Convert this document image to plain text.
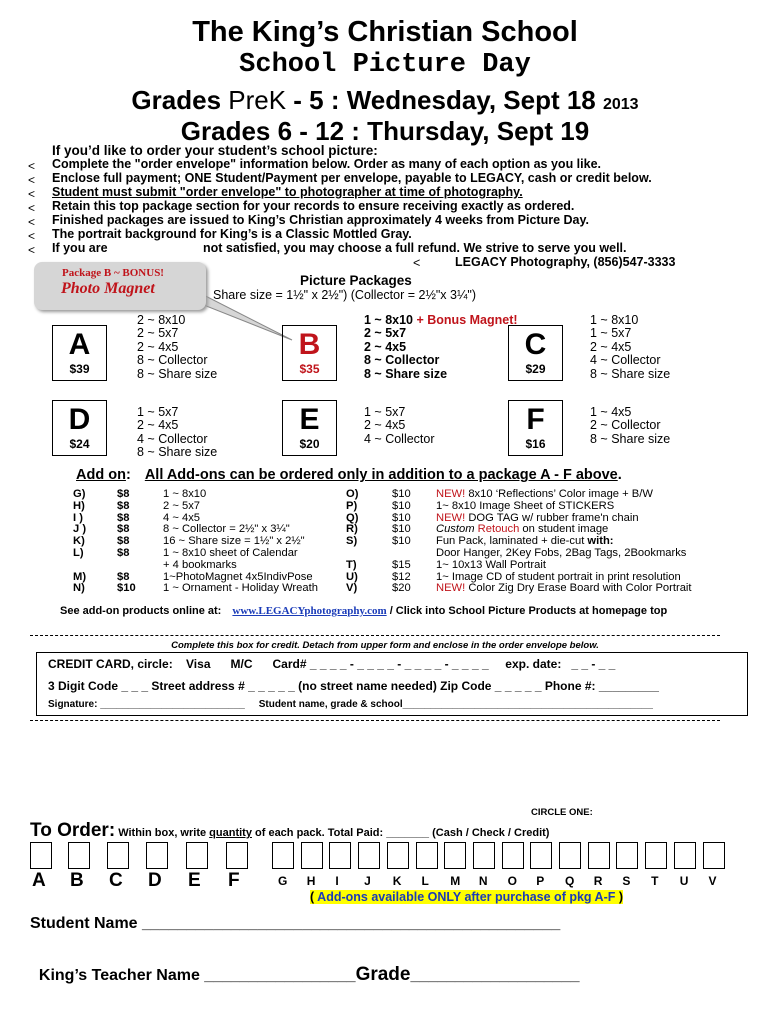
The King’s Christian School
School Picture Day
Grades PreK - 5 : Wednesday, Sept 18 2013
Grades 6 - 12 : Thursday, Sept 19
If you’d like to order your student’s school picture:
< Complete the "order envelope" information below. Order as many of each option as you like.
< Enclose full payment; ONE Student/Payment per envelope, payable to LEGACY, cash or credit below.
< Student must submit "order envelope" to photographer at time of photography.
< Retain this top package section for your records to ensure receiving exactly as ordered.
< Finished packages are issued to King’s Christian approximately 4 weeks from Picture Day.
< The portrait background for King’s is a Classic Mottled Gray.
< If you are	not satisfied, you may choose a full refund. We strive to serve you well.
<	LEGACY Photography, (856)547-3333
Package B ~ BONUS!
Photo Magnet	Picture Packages
Share size = 1½" x 2½") (Collector = 2½"x 3¼")
A
$39
2 ~ 8x10
2 ~ 5x7
2 ~ 4x5
8 ~ Collector
8 ~ Share size
B
$35
1 ~ 8x10 + Bonus Magnet!
2 ~ 5x7
2 ~ 4x5
8 ~ Collector
8 ~ Share size
C
$29
1 ~ 8x10
1 ~ 5x7
2 ~ 4x5
4 ~ Collector
8 ~ Share size
D
$24
1 ~ 5x7
2 ~ 4x5
4 ~ Collector
8 ~ Share size
E
$20
1 ~ 5x7
2 ~ 4x5
4 ~ Collector
F
$16
1 ~ 4x5
2 ~ Collector
8 ~ Share size
Add on: All Add-ons can be ordered only in addition to a package A - F above.
G)	$8	1 ~ 8x10
H)	$8	2 ~ 5x7
I )	$8	4 ~ 4x5
J )	$8	8 ~ Collector = 2½" x 3¼"
K)	$8	16 ~ Share size = 1½" x 2½"
L)	$8	1 ~ 8x10 sheet of Calendar
+ 4 bookmarks
M)	$8	1~PhotoMagnet 4x5IndivPose
N)	$10 1 ~ Ornament - Holiday Wreath
O)	$10 NEW! 8x10 ‘Reflections’ Color image + B/W
P)	$10 1~ 8x10 Image Sheet of STICKERS
Q)	$10 NEW! DOG TAG w/ rubber frame'n chain
R)	$10 Custom Retouch on student image
S)	$10 Fun Pack, laminated + die-cut with:
Door Hanger, 2Key Fobs, 2Bag Tags, 2Bookmarks
T)	$15 1~ 10x13 Wall Portrait
U)	$12 1~ Image CD of student portrait in print resolution
V)	$20 NEW! Color Zig Dry Erase Board with Color Portrait
See add-on products online at: www.LEGACYphotography.com / Click into School Picture Products at homepage top
Complete this box for credit. Detach from upper form and enclose in the order envelope below.
CREDIT CARD, circle:    Visa      M/C      Card# _ _ _ _ - _ _ _ _ - _ _ _ _ - _ _ _ _     exp. date:   _ _ - _ _
3 Digit Code _ _ _ Street address # _ _ _ _ _ (no street name needed) Zip Code _ _ _ _ _ Phone #: _________
Signature: __________________________     Student name, grade & school_____________________________________________
CIRCLE ONE:
To Order: Within box, write quantity of each pack. Total Paid: _______ (Cash / Check / Credit)
A B C D E F	G H I J K L M N O P Q R S T U V
( Add-ons available ONLY after purchase of pkg A-F )
Student Name _______________________________________________

King’s Teacher Name _________________Grade___________________
